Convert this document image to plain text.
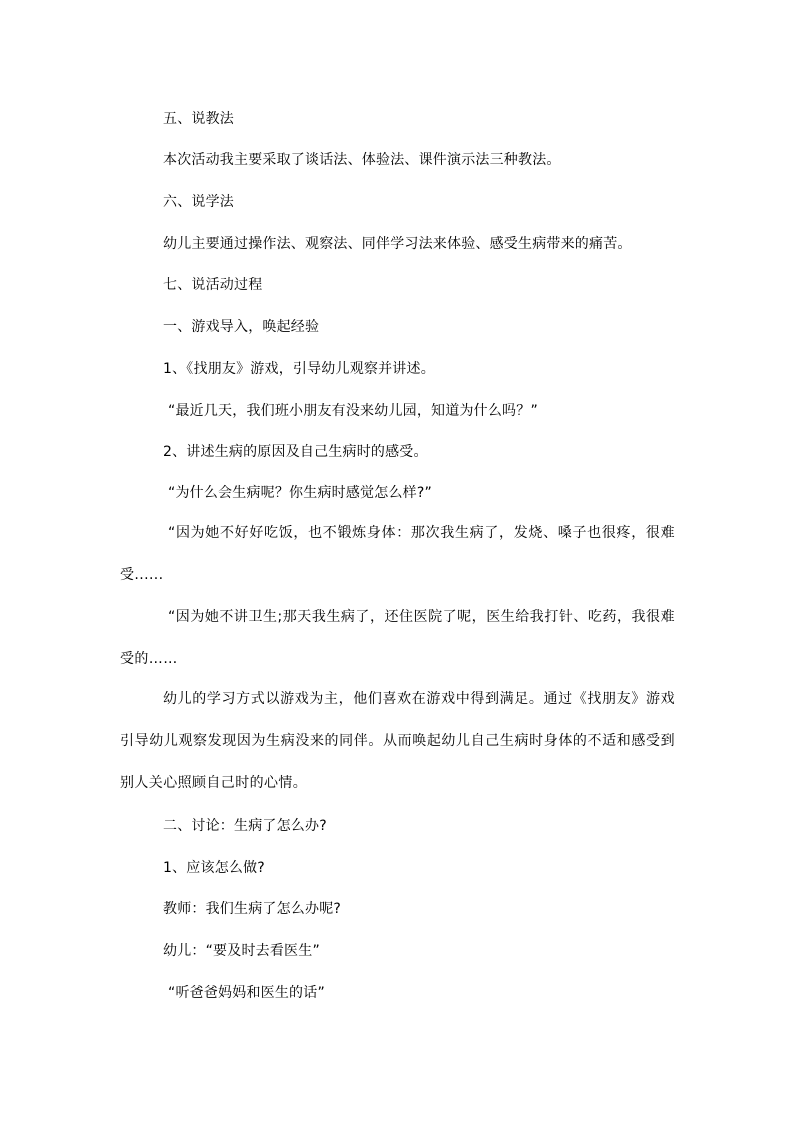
五、说教法
本次活动我主要采取了谈话法、体验法、课件演示法三种教法。
六、说学法
幼儿主要通过操作法、观察法、同伴学习法来体验、感受生病带来的痛苦。
七、说活动过程
一、游戏导入，唤起经验
1、《找朋友》游戏，引导幼儿观察并讲述。
“最近几天，我们班小朋友有没来幼儿园，知道为什么吗？”
2、讲述生病的原因及自己生病时的感受。
“为什么会生病呢？你生病时感觉怎么样?”
“因为她不好好吃饭，也不锻炼身体：那次我生病了，发烧、嗓子也很疼，很难受......
“因为她不讲卫生;那天我生病了，还住医院了呢，医生给我打针、吃药，我很难受的……
幼儿的学习方式以游戏为主，他们喜欢在游戏中得到满足。通过《找朋友》游戏引导幼儿观察发现因为生病没来的同伴。从而唤起幼儿自己生病时身体的不适和感受到别人关心照顾自己时的心情。
二、讨论：生病了怎么办?
1、应该怎么做?
教师：我们生病了怎么办呢?
幼儿：“要及时去看医生”
“听爸爸妈妈和医生的话”
